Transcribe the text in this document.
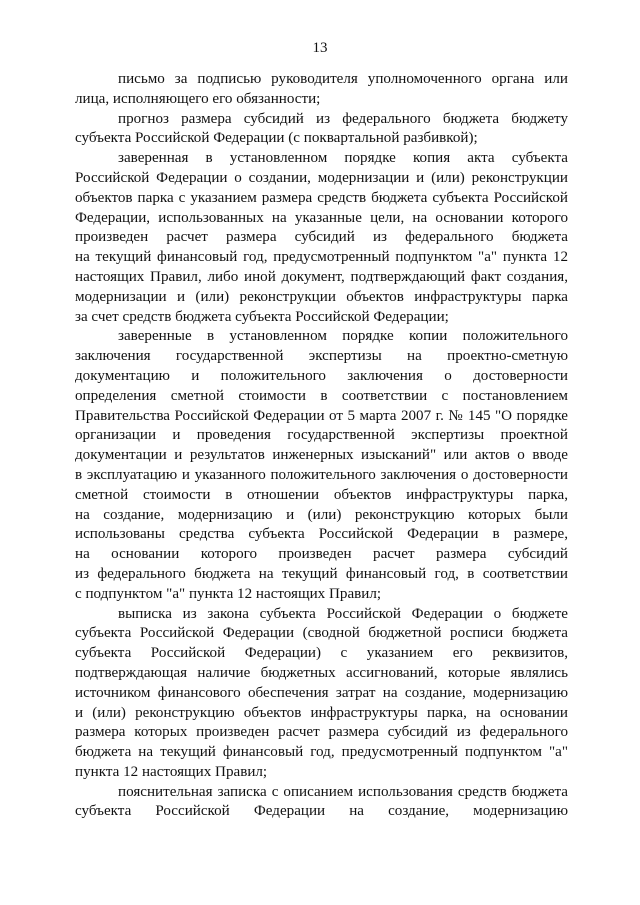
13

письмо за подписью руководителя уполномоченного органа или
лица, исполняющего его обязанности;

прогноз размера субсидий из федерального бюджета бюджету
субъекта Российской Федерации (с поквартальной разбивкой);

заверенная в установленном порядке копия акта субъекта
Российской Федерации о создании, модернизации и (или) реконструкции
объектов парка с указанием размера средств бюджета субъекта Российской
Федерации, использованных на указанные цели, на основании которого
произведен расчет размера субсидий из федерального бюджета
на текущий финансовый год, предусмотренный подпунктом "а" пункта 12
настоящих Правил, либо иной документ, подтверждающий факт создания,
модернизации и (или) реконструкции объектов инфраструктуры парка
за счет средств бюджета субъекта Российской Федерации;

заверенные в установленном порядке копии положительного
заключения государственной экспертизы на проектно-сметную
документацию и положительного заключения о достоверности
определения сметной стоимости в соответствии с постановлением
Правительства Российской Федерации от 5 марта 2007 г. № 145 "О порядке
организации и проведения государственной экспертизы проектной
документации и результатов инженерных изысканий" или актов о вводе
в эксплуатацию и указанного положительного заключения о достоверности
сметной стоимости в отношении объектов инфраструктуры парка,
на создание, модернизацию и (или) реконструкцию которых были
использованы средства субъекта Российской Федерации в размере,
на основании которого произведен расчет размера субсидий
из федерального бюджета на текущий финансовый год, в соответствии
с подпунктом "а" пункта 12 настоящих Правил;

выписка из закона субъекта Российской Федерации о бюджете
субъекта Российской Федерации (сводной бюджетной росписи бюджета
субъекта Российской Федерации) с указанием его реквизитов,
подтверждающая наличие бюджетных ассигнований, которые являлись
источником финансового обеспечения затрат на создание, модернизацию
и (или) реконструкцию объектов инфраструктуры парка, на основании
размера которых произведен расчет размера субсидий из федерального
бюджета на текущий финансовый год, предусмотренный подпунктом "а"
пункта 12 настоящих Правил;

пояснительная записка с описанием использования средств бюджета
субъекта Российской Федерации на создание, модернизацию
